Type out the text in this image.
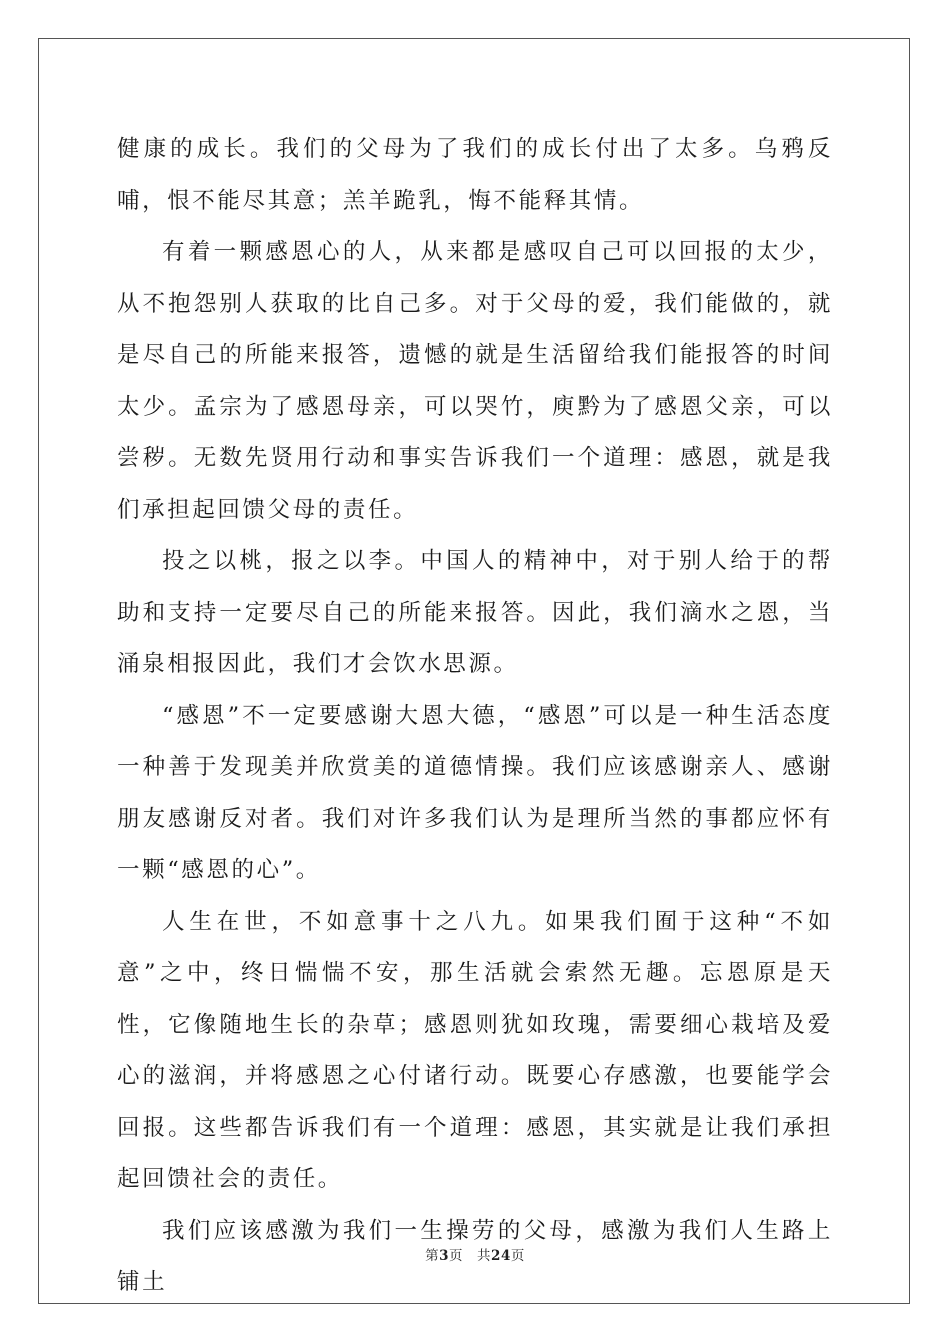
健康的成长。我们的父母为了我们的成长付出了太多。乌鸦反哺，恨不能尽其意；羔羊跪乳，悔不能释其情。

有着一颗感恩心的人，从来都是感叹自己可以回报的太少，从不抱怨别人获取的比自己多。对于父母的爱，我们能做的，就是尽自己的所能来报答，遗憾的就是生活留给我们能报答的时间太少。孟宗为了感恩母亲，可以哭竹，庾黔为了感恩父亲，可以尝秽。无数先贤用行动和事实告诉我们一个道理：感恩，就是我们承担起回馈父母的责任。

投之以桃，报之以李。中国人的精神中，对于别人给于的帮助和支持一定要尽自己的所能来报答。因此，我们滴水之恩，当涌泉相报因此，我们才会饮水思源。

“感恩”不一定要感谢大恩大德，“感恩”可以是一种生活态度一种善于发现美并欣赏美的道德情操。我们应该感谢亲人、感谢朋友感谢反对者。我们对许多我们认为是理所当然的事都应怀有一颗“感恩的心”。

人生在世，不如意事十之八九。如果我们囿于这种“不如意”之中，终日惴惴不安，那生活就会索然无趣。忘恩原是天性，它像随地生长的杂草；感恩则犹如玫瑰，需要细心栽培及爱心的滋润，并将感恩之心付诸行动。既要心存感激，也要能学会回报。这些都告诉我们有一个道理：感恩，其实就是让我们承担起回馈社会的责任。

我们应该感激为我们一生操劳的父母，感激为我们人生路上铺土

第3页 共24页
